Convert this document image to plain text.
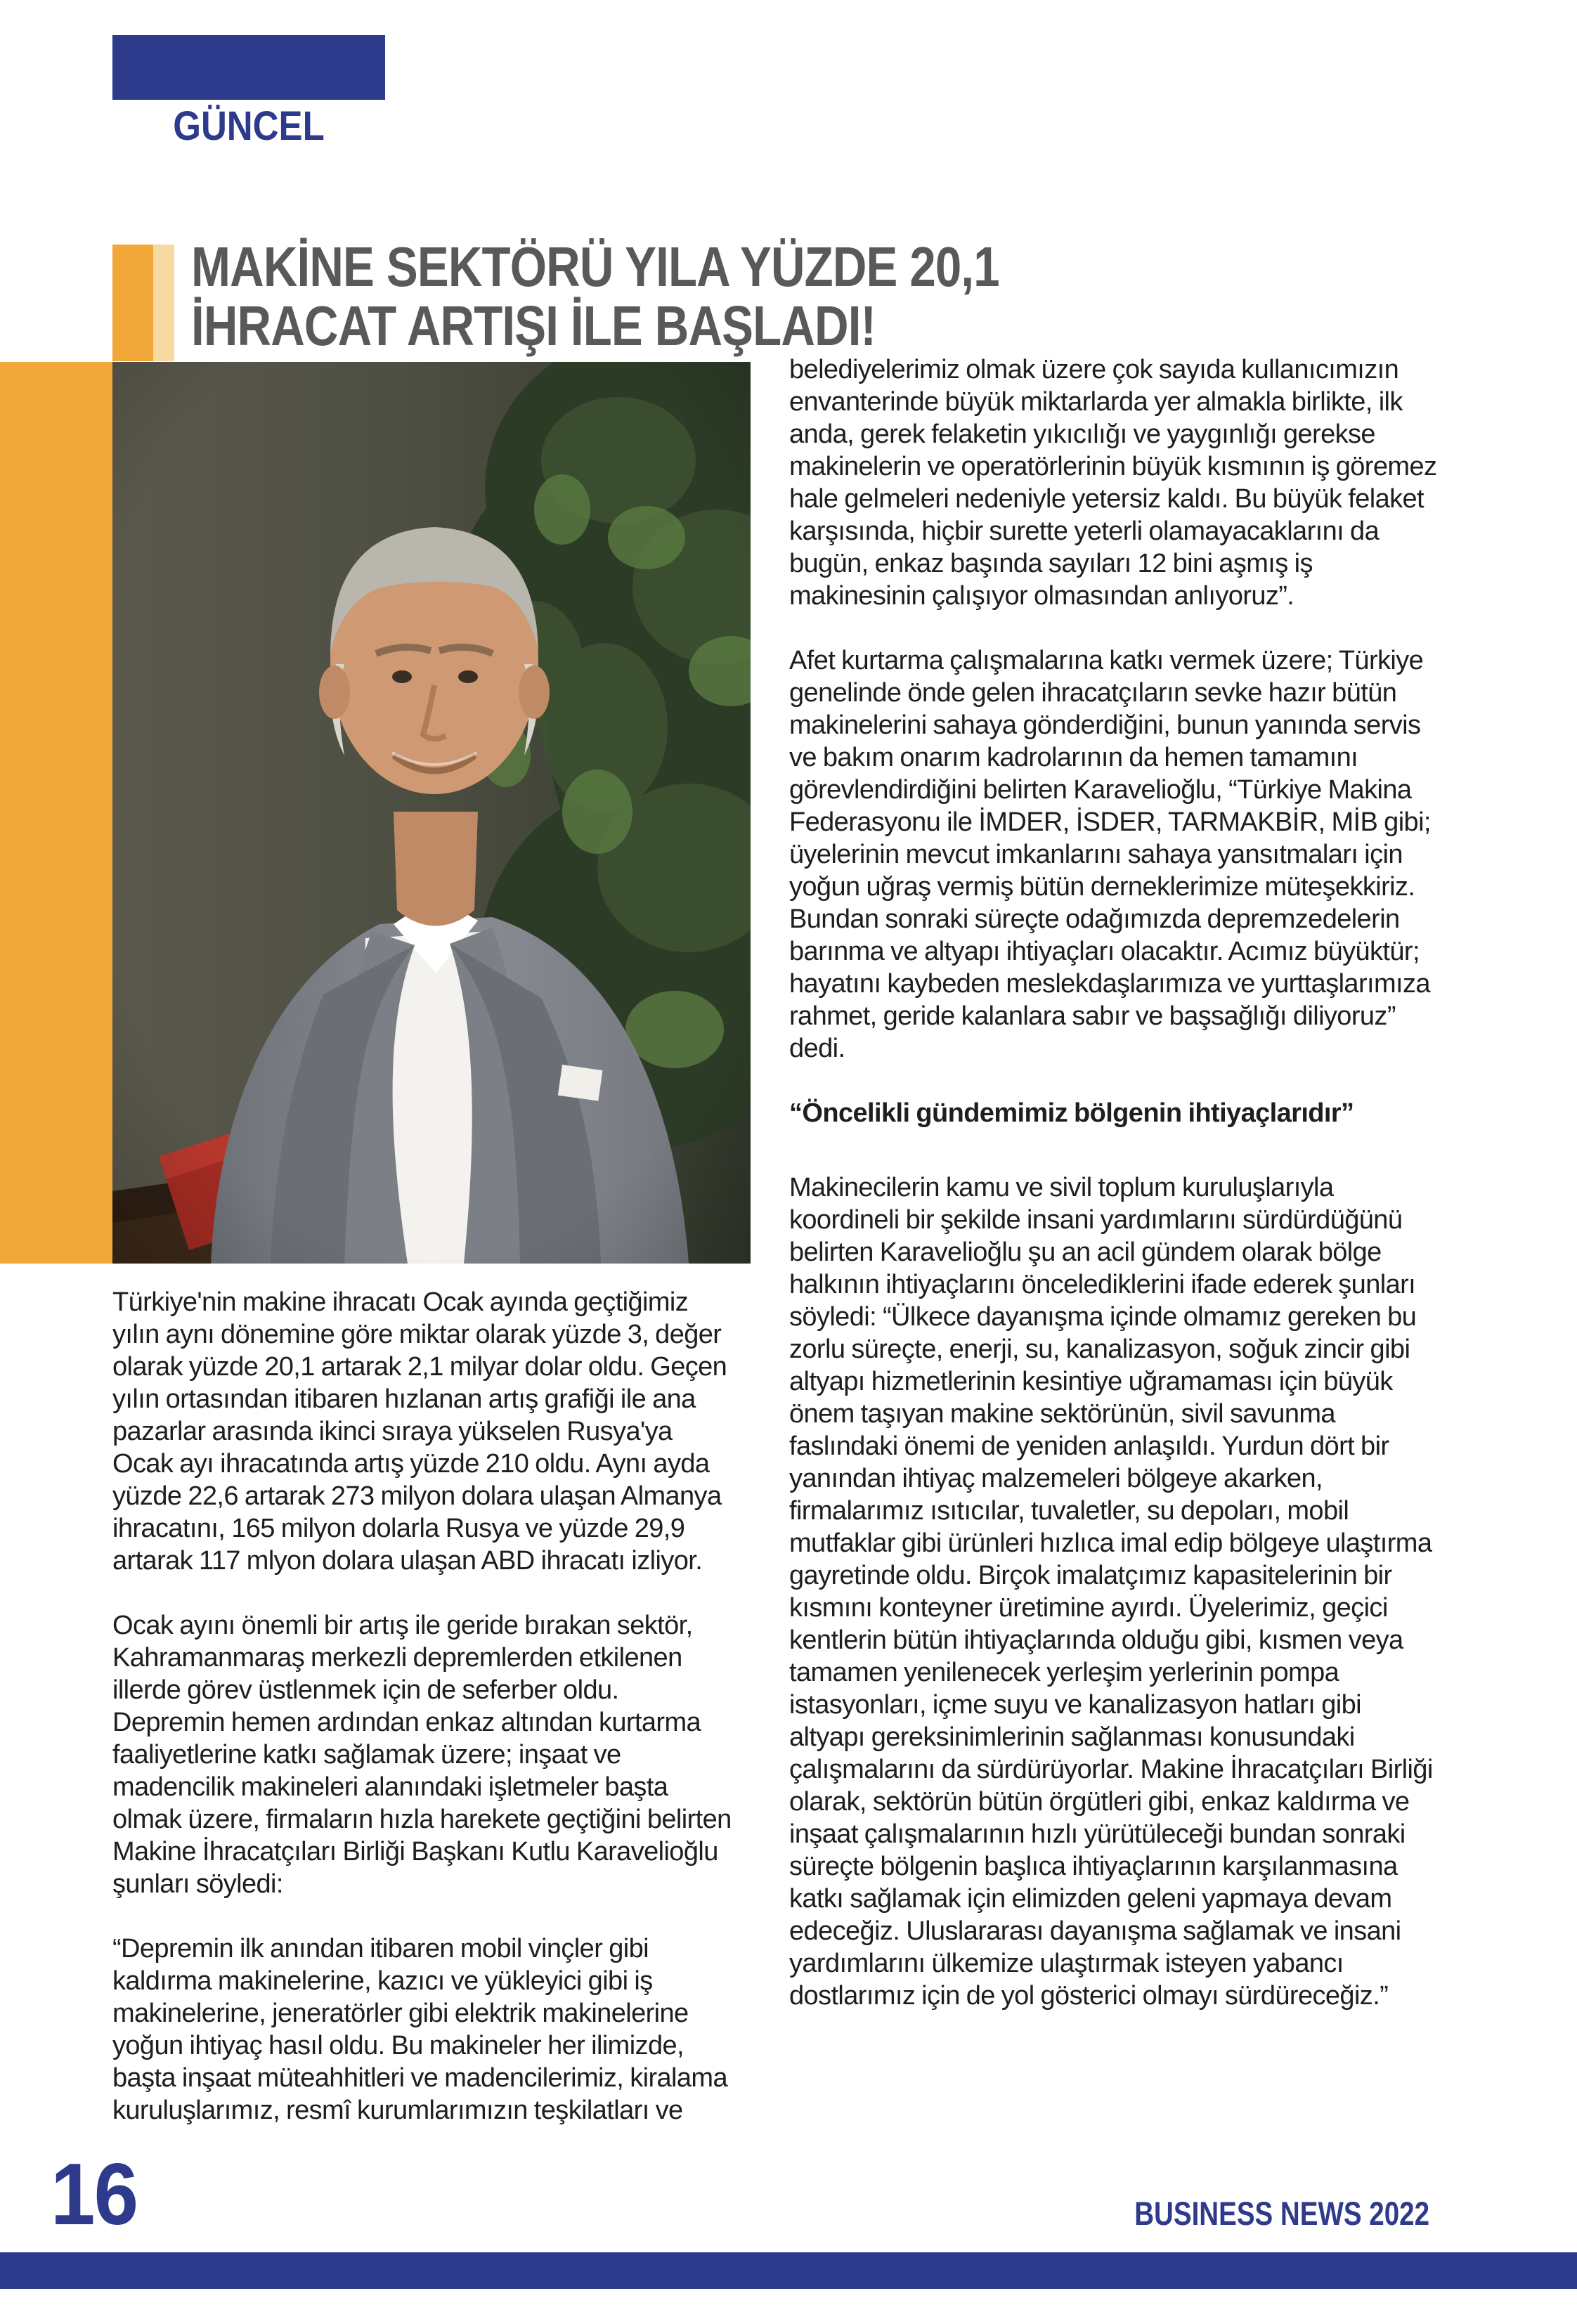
GÜNCEL
MAKİNE SEKTÖRÜ YILA YÜZDE 20,1
İHRACAT ARTIŞI İLE BAŞLADI!

Türkiye'nin makine ihracatı Ocak ayında geçtiğimiz yılın aynı dönemine göre miktar olarak yüzde 3, değer olarak yüzde 20,1 artarak 2,1 milyar dolar oldu. Geçen yılın ortasından itibaren hızlanan artış grafiği ile ana pazarlar arasında ikinci sıraya yükselen Rusya'ya Ocak ayı ihracatında artış yüzde 210 oldu. Aynı ayda yüzde 22,6 artarak 273 milyon dolara ulaşan Almanya ihracatını, 165 milyon dolarla Rusya ve yüzde 29,9 artarak 117 mlyon dolara ulaşan ABD ihracatı izliyor.

Ocak ayını önemli bir artış ile geride bırakan sektör, Kahramanmaraş merkezli depremlerden etkilenen illerde görev üstlenmek için de seferber oldu. Depremin hemen ardından enkaz altından kurtarma faaliyetlerine katkı sağlamak üzere; inşaat ve madencilik makineleri alanındaki işletmeler başta olmak üzere, firmaların hızla harekete geçtiğini belirten Makine İhracatçıları Birliği Başkanı Kutlu Karavelioğlu şunları söyledi:

“Depremin ilk anından itibaren mobil vinçler gibi kaldırma makinelerine, kazıcı ve yükleyici gibi iş makinelerine, jeneratörler gibi elektrik makinelerine yoğun ihtiyaç hasıl oldu. Bu makineler her ilimizde, başta inşaat müteahhitleri ve madencilerimiz, kiralama kuruluşlarımız, resmî kurumlarımızın teşkilatları ve

belediyelerimiz olmak üzere çok sayıda kullanıcımızın envanterinde büyük miktarlarda yer almakla birlikte, ilk anda, gerek felaketin yıkıcılığı ve yaygınlığı gerekse makinelerin ve operatörlerinin büyük kısmının iş göremez hale gelmeleri nedeniyle yetersiz kaldı. Bu büyük felaket karşısında, hiçbir surette yeterli olamayacaklarını da bugün, enkaz başında sayıları 12 bini aşmış iş makinesinin çalışıyor olmasından anlıyoruz”.

Afet kurtarma çalışmalarına katkı vermek üzere; Türkiye genelinde önde gelen ihracatçıların sevke hazır bütün makinelerini sahaya gönderdiğini, bunun yanında servis ve bakım onarım kadrolarının da hemen tamamını görevlendirdiğini belirten Karavelioğlu, “Türkiye Makina Federasyonu ile İMDER, İSDER, TARMAKBİR, MİB gibi; üyelerinin mevcut imkanlarını sahaya yansıtmaları için yoğun uğraş vermiş bütün derneklerimize müteşekkiriz. Bundan sonraki süreçte odağımızda depremzedelerin barınma ve altyapı ihtiyaçları olacaktır. Acımız büyüktür; hayatını kaybeden meslekdaşlarımıza ve yurttaşlarımıza rahmet, geride kalanlara sabır ve başsağlığı diliyoruz” dedi.

“Öncelikli gündemimiz bölgenin ihtiyaçlarıdır”

Makinecilerin kamu ve sivil toplum kuruluşlarıyla koordineli bir şekilde insani yardımlarını sürdürdüğünü belirten Karavelioğlu şu an acil gündem olarak bölge halkının ihtiyaçlarını öncelediklerini ifade ederek şunları söyledi: “Ülkece dayanışma içinde olmamız gereken bu zorlu süreçte, enerji, su, kanalizasyon, soğuk zincir gibi altyapı hizmetlerinin kesintiye uğramaması için büyük önem taşıyan makine sektörünün, sivil savunma faslındaki önemi de yeniden anlaşıldı. Yurdun dört bir yanından ihtiyaç malzemeleri bölgeye akarken, firmalarımız ısıtıcılar, tuvaletler, su depoları, mobil mutfaklar gibi ürünleri hızlıca imal edip bölgeye ulaştırma gayretinde oldu. Birçok imalatçımız kapasitelerinin bir kısmını konteyner üretimine ayırdı. Üyelerimiz, geçici kentlerin bütün ihtiyaçlarında olduğu gibi, kısmen veya tamamen yenilenecek yerleşim yerlerinin pompa istasyonları, içme suyu ve kanalizasyon hatları gibi altyapı gereksinimlerinin sağlanması konusundaki çalışmalarını da sürdürüyorlar. Makine İhracatçıları Birliği olarak, sektörün bütün örgütleri gibi, enkaz kaldırma ve inşaat çalışmalarının hızlı yürütüleceği bundan sonraki süreçte bölgenin başlıca ihtiyaçlarının karşılanmasına katkı sağlamak için elimizden geleni yapmaya devam edeceğiz. Uluslararası dayanışma sağlamak ve insani yardımlarını ülkemize ulaştırmak isteyen yabancı dostlarımız için de yol gösterici olmayı sürdüreceğiz.”

16	BUSINESS NEWS 2022
